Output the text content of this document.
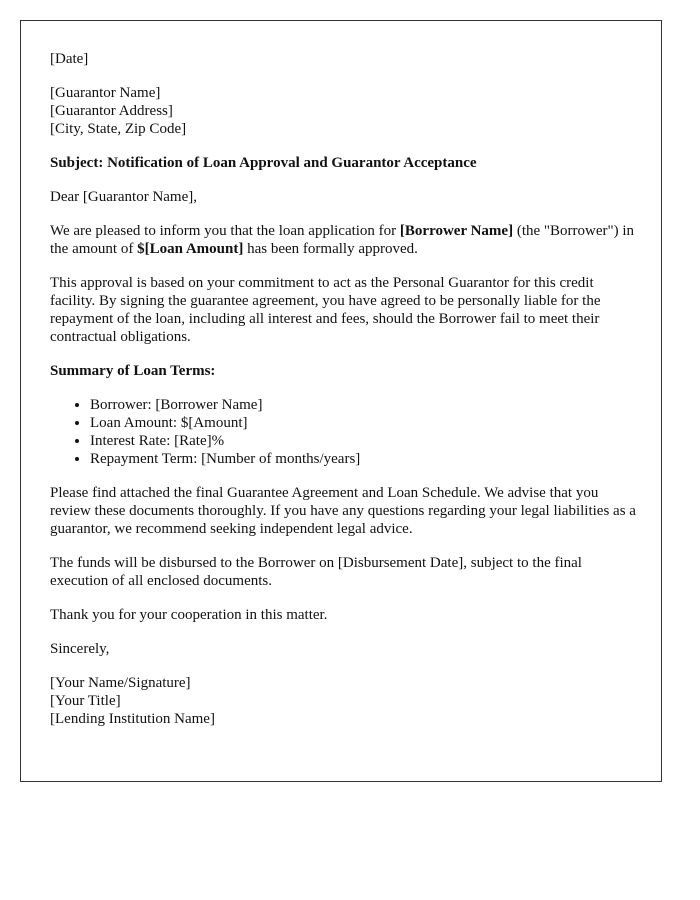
[Date]

[Guarantor Name]
[Guarantor Address]
[City, State, Zip Code]

Subject: Notification of Loan Approval and Guarantor Acceptance

Dear [Guarantor Name],

We are pleased to inform you that the loan application for [Borrower Name] (the "Borrower") in the amount of $[Loan Amount] has been formally approved.

This approval is based on your commitment to act as the Personal Guarantor for this credit facility. By signing the guarantee agreement, you have agreed to be personally liable for the repayment of the loan, including all interest and fees, should the Borrower fail to meet their contractual obligations.

Summary of Loan Terms:

• Borrower: [Borrower Name]
• Loan Amount: $[Amount]
• Interest Rate: [Rate]%
• Repayment Term: [Number of months/years]

Please find attached the final Guarantee Agreement and Loan Schedule. We advise that you review these documents thoroughly. If you have any questions regarding your legal liabilities as a guarantor, we recommend seeking independent legal advice.

The funds will be disbursed to the Borrower on [Disbursement Date], subject to the final execution of all enclosed documents.

Thank you for your cooperation in this matter.

Sincerely,

[Your Name/Signature]
[Your Title]
[Lending Institution Name]
